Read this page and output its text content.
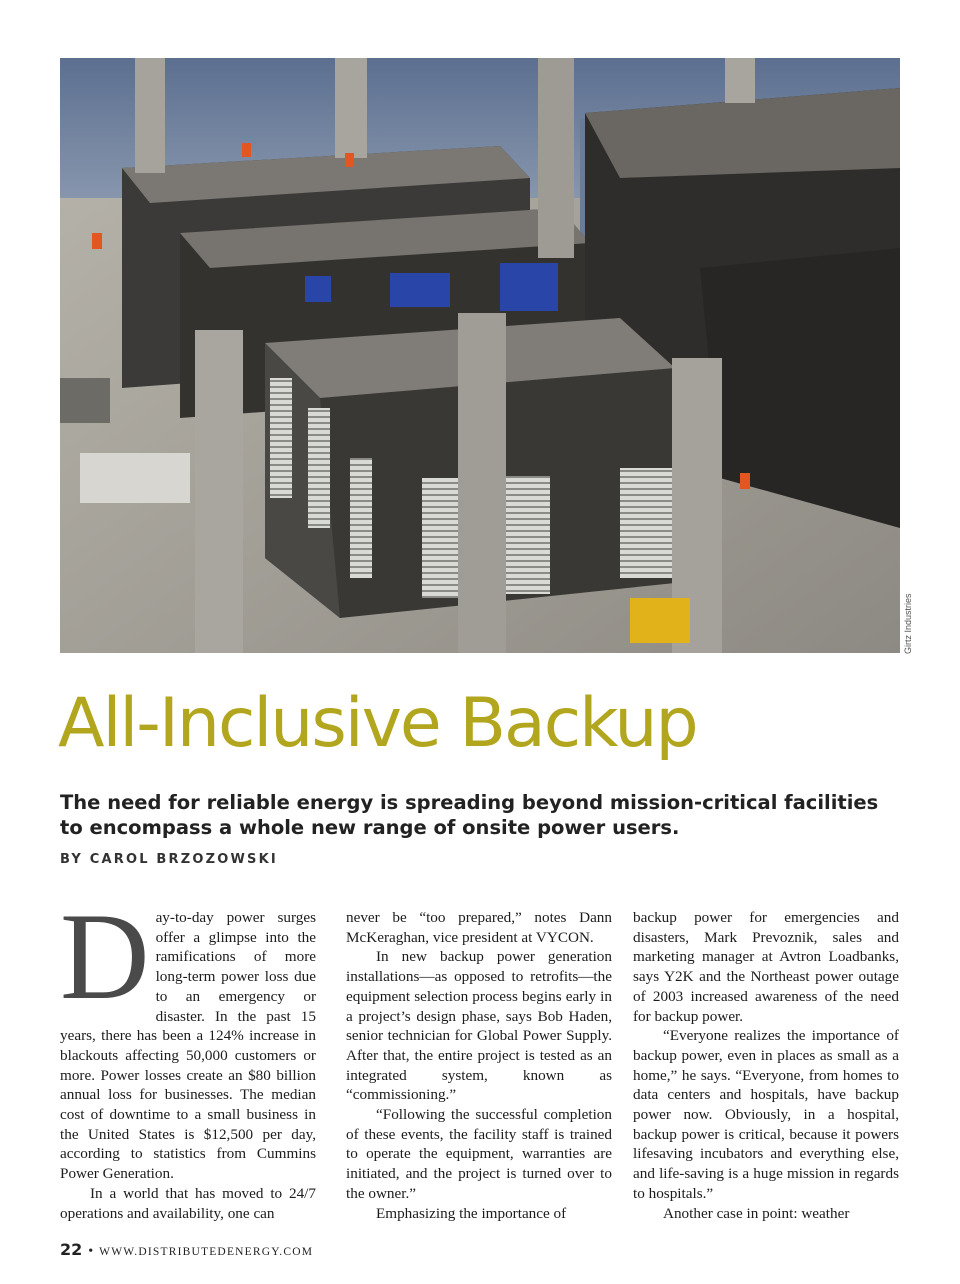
Girtz Industries
All-Inclusive Backup

The need for reliable energy is spreading beyond mission-critical facilities to encompass a whole new range of onsite power users.

BY CAROL BRZOZOWSKI

D ay-to-day power surges offer a glimpse into the ramifications of more long-term power loss due to an emergency or disaster. In the past 15 years, there has been a 124% increase in blackouts affecting 50,000 customers or more. Power losses create an $80 billion annual loss for businesses. The median cost of downtime to a small business in the United States is $12,500 per day, according to statistics from Cummins Power Generation.

In a world that has moved to 24/7 operations and availability, one can

never be “too prepared,” notes Dann McKeraghan, vice president at VYCON.

In new backup power generation installations—as opposed to retrofits—the equipment selection process begins early in a project’s design phase, says Bob Haden, senior technician for Global Power Supply. After that, the entire project is tested as an integrated system, known as “commissioning.”

“Following the successful completion of these events, the facility staff is trained to operate the equipment, warranties are initiated, and the project is turned over to the owner.”

Emphasizing the importance of

backup power for emergencies and disasters, Mark Prevoznik, sales and marketing manager at Avtron Loadbanks, says Y2K and the Northeast power outage of 2003 increased awareness of the need for backup power.

“Everyone realizes the importance of backup power, even in places as small as a home,” he says. “Everyone, from homes to data centers and hospitals, have backup power now. Obviously, in a hospital, backup power is critical, because it powers lifesaving incubators and everything else, and life-saving is a huge mission in regards to hospitals.”

Another case in point: weather

22 • WWW.DISTRIBUTEDENERGY.COM
